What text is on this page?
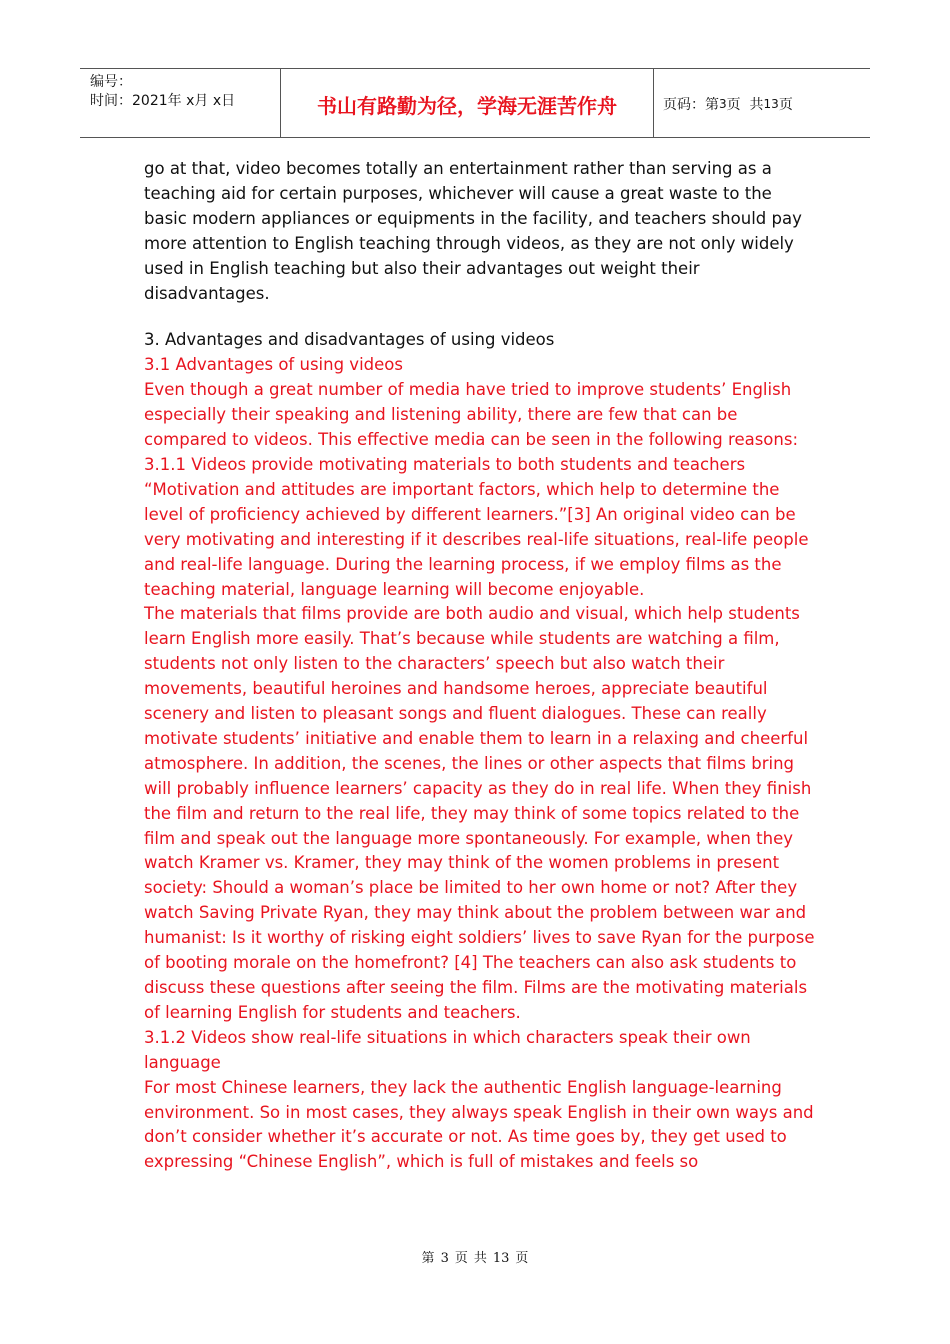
编号：
时间：2021年 x月 x日	书山有路勤为径，学海无涯苦作舟	页码：第 3 页
共 13 页

go at that, video becomes totally an entertainment rather than serving as a teaching aid for certain purposes, whichever will cause a great waste to the basic modern appliances or equipments in the facility, and teachers should pay more attention to English teaching through videos, as they are not only widely used in English teaching but also their advantages out weight their disadvantages.

3. Advantages and disadvantages of using videos

3.1 Advantages of using videos

Even though a great number of media have tried to improve students’ English especially their speaking and listening ability, there are few that can be compared to videos. This effective media can be seen in the following reasons:

3.1.1 Videos provide motivating materials to both students and teachers

“Motivation and attitudes are important factors, which help to determine the level of proficiency achieved by different learners.”[3] An original video can be very motivating and interesting if it describes real-life situations, real-life people and real-life language. During the learning process, if we employ films as the teaching material, language learning will become enjoyable.

The materials that films provide are both audio and visual, which help students learn English more easily. That’s because while students are watching a film, students not only listen to the characters’ speech but also watch their movements, beautiful heroines and handsome heroes, appreciate beautiful scenery and listen to pleasant songs and fluent dialogues. These can really motivate students’ initiative and enable them to learn in a relaxing and cheerful atmosphere. In addition, the scenes, the lines or other aspects that films bring will probably influence learners’ capacity as they do in real life. When they finish the film and return to the real life, they may think of some topics related to the film and speak out the language more spontaneously. For example, when they watch Kramer vs. Kramer, they may think of the women problems in present society: Should a woman’s place be limited to her own home or not? After they watch Saving Private Ryan, they may think about the problem between war and humanist: Is it worthy of risking eight soldiers’ lives to save Ryan for the purpose of booting morale on the homefront? [4] The teachers can also ask students to discuss these questions after seeing the film. Films are the motivating materials of learning English for students and teachers.

3.1.2 Videos show real-life situations in which characters speak their own language

For most Chinese learners, they lack the authentic English language-learning environment. So in most cases, they always speak English in their own ways and don’t consider whether it’s accurate or not. As time goes by, they get used to expressing “Chinese English”, which is full of mistakes and feels so

第 3 页 共 13 页
